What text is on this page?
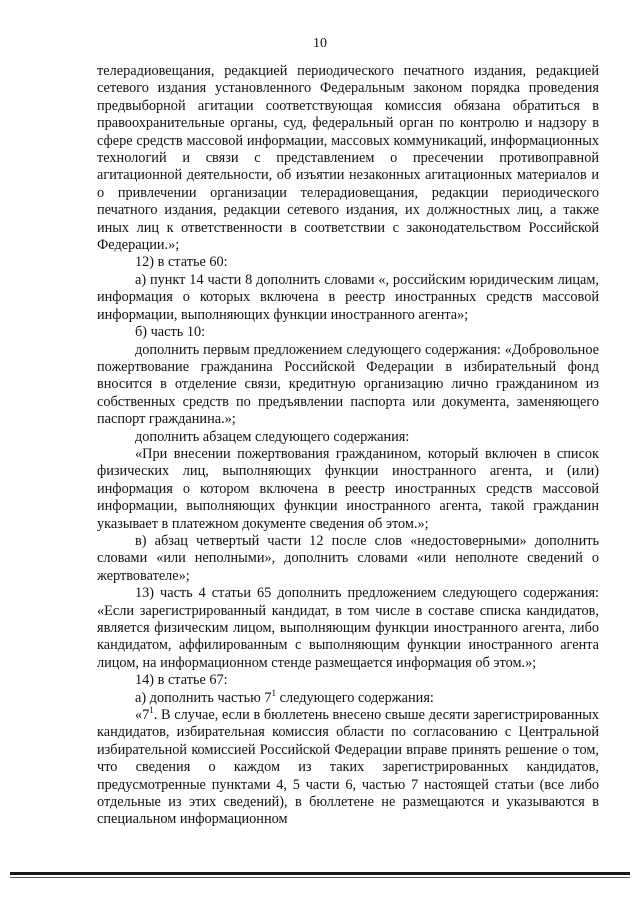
10

телерадиовещания, редакцией периодического печатного издания, редакцией сетевого издания установленного Федеральным законом порядка проведения предвыборной агитации соответствующая комиссия обязана обратиться в правоохранительные органы, суд, федеральный орган по контролю и надзору в сфере средств массовой информации, массовых коммуникаций, информационных технологий и связи с представлением о пресечении противоправной агитационной деятельности, об изъятии незаконных агитационных материалов и о привлечении организации телерадиовещания, редакции периодического печатного издания, редакции сетевого издания, их должностных лиц, а также иных лиц к ответственности в соответствии с законодательством Российской Федерации.»;

12) в статье 60:

а) пункт 14 части 8 дополнить словами «, российским юридическим лицам, информация о которых включена в реестр иностранных средств массовой информации, выполняющих функции иностранного агента»;

б) часть 10:

дополнить первым предложением следующего содержания: «Добровольное пожертвование гражданина Российской Федерации в избирательный фонд вносится в отделение связи, кредитную организацию лично гражданином из собственных средств по предъявлении паспорта или документа, заменяющего паспорт гражданина.»;

дополнить абзацем следующего содержания:

«При внесении пожертвования гражданином, который включен в список физических лиц, выполняющих функции иностранного агента, и (или) информация о котором включена в реестр иностранных средств массовой информации, выполняющих функции иностранного агента, такой гражданин указывает в платежном документе сведения об этом.»;

в) абзац четвертый части 12 после слов «недостоверными» дополнить словами «или неполными», дополнить словами «или неполноте сведений о жертвователе»;

13) часть 4 статьи 65 дополнить предложением следующего содержания: «Если зарегистрированный кандидат, в том числе в составе списка кандидатов, является физическим лицом, выполняющим функции иностранного агента, либо кандидатом, аффилированным с выполняющим функции иностранного агента лицом, на информационном стенде размещается информация об этом.»;

14) в статье 67:

а) дополнить частью $7^1$ следующего содержания:

«$7^1$. В случае, если в бюллетень внесено свыше десяти зарегистрированных кандидатов, избирательная комиссия области по согласованию с Центральной избирательной комиссией Российской Федерации вправе принять решение о том, что сведения о каждом из таких зарегистрированных кандидатов, предусмотренные пунктами 4, 5 части 6, частью 7 настоящей статьи (все либо отдельные из этих сведений), в бюллетене не размещаются и указываются в специальном информационном
